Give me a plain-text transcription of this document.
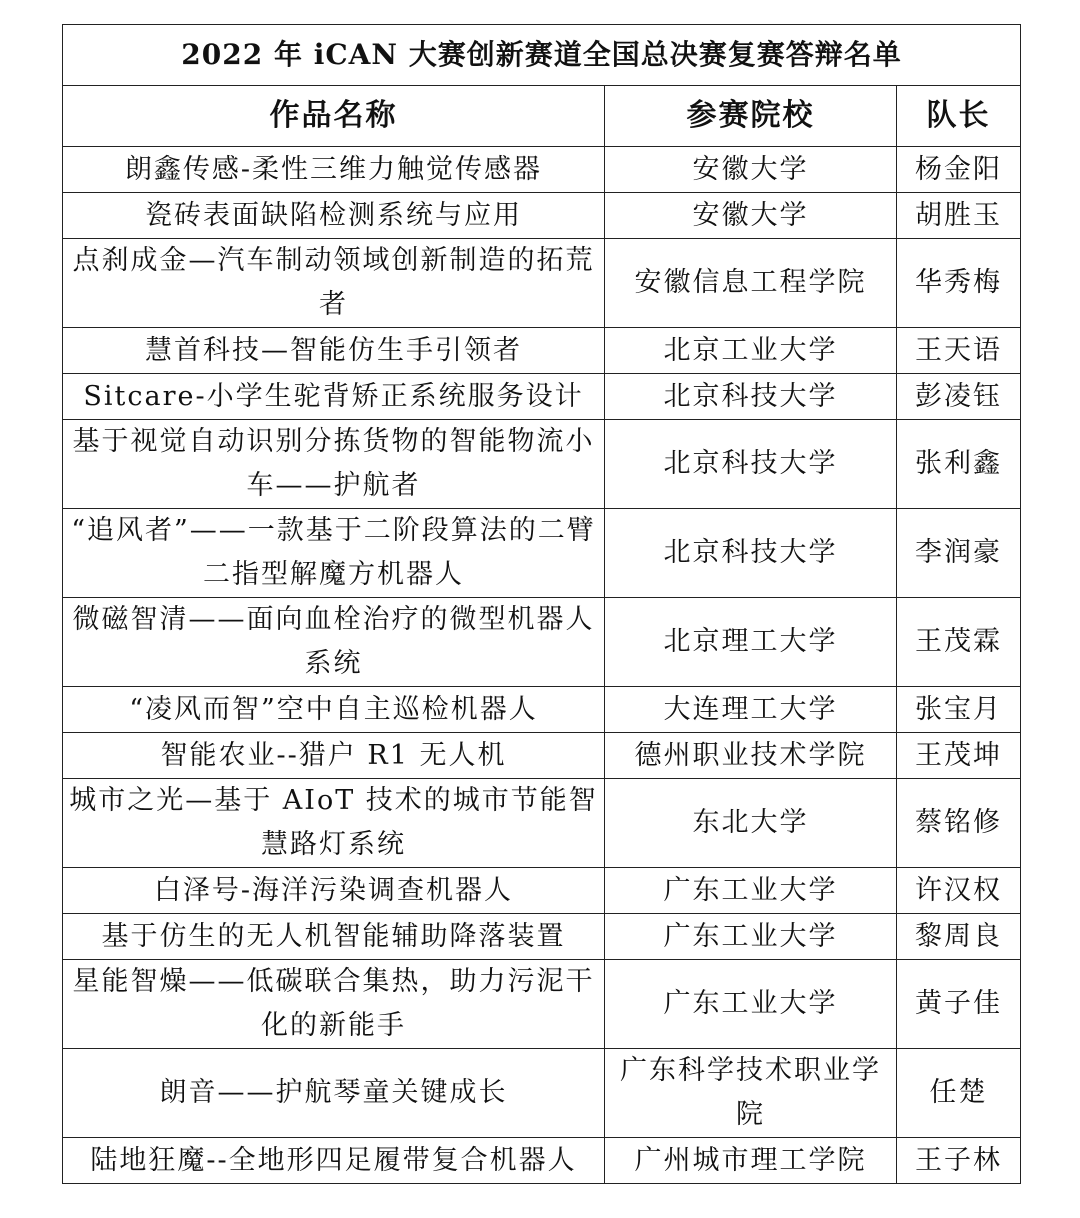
2022 年 iCAN 大赛创新赛道全国总决赛复赛答辩名单		
作品名称	参赛院校	队长
朗鑫传感-柔性三维力触觉传感器	安徽大学	杨金阳
瓷砖表面缺陷检测系统与应用	安徽大学	胡胜玉
点刹成金—汽车制动领域创新制造的拓荒者	安徽信息工程学院	华秀梅
慧首科技—智能仿生手引领者	北京工业大学	王天语
Sitcare-小学生驼背矫正系统服务设计	北京科技大学	彭凌钰
基于视觉自动识别分拣货物的智能物流小车——护航者	北京科技大学	张利鑫
“追风者”——一款基于二阶段算法的二臂二指型解魔方机器人	北京科技大学	李润豪
微磁智清——面向血栓治疗的微型机器人系统	北京理工大学	王茂霖
“凌风而智”空中自主巡检机器人	大连理工大学	张宝月
智能农业--猎户 R1 无人机	德州职业技术学院	王茂坤
城市之光—基于 AIoT 技术的城市节能智慧路灯系统	东北大学	蔡铭修
白泽号-海洋污染调查机器人	广东工业大学	许汉权
基于仿生的无人机智能辅助降落装置	广东工业大学	黎周良
星能智燥——低碳联合集热，助力污泥干化的新能手	广东工业大学	黄子佳
朗音——护航琴童关键成长	广东科学技术职业学院	任楚
陆地狂魔--全地形四足履带复合机器人	广州城市理工学院	王子林
